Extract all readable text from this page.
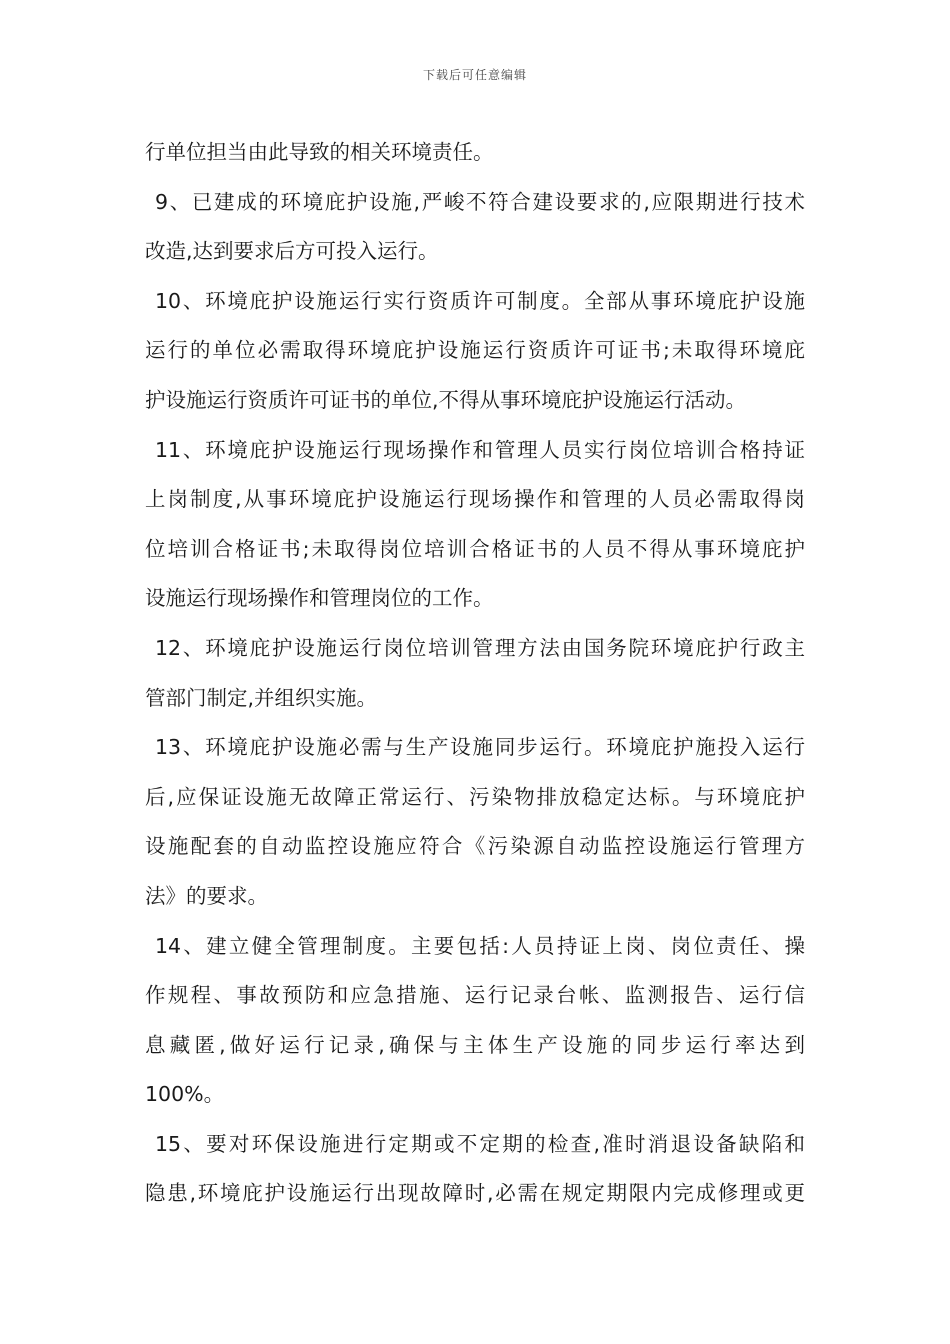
下载后可任意编辑
行单位担当由此导致的相关环境责任。
9、已建成的环境庇护设施,严峻不符合建设要求的,应限期进行技术
改造,达到要求后方可投入运行。
10、环境庇护设施运行实行资质许可制度。全部从事环境庇护设施
运行的单位必需取得环境庇护设施运行资质许可证书;未取得环境庇
护设施运行资质许可证书的单位,不得从事环境庇护设施运行活动。
11、环境庇护设施运行现场操作和管理人员实行岗位培训合格持证
上岗制度,从事环境庇护设施运行现场操作和管理的人员必需取得岗
位培训合格证书;未取得岗位培训合格证书的人员不得从事环境庇护
设施运行现场操作和管理岗位的工作。
12、环境庇护设施运行岗位培训管理方法由国务院环境庇护行政主
管部门制定,并组织实施。
13、环境庇护设施必需与生产设施同步运行。环境庇护施投入运行
后,应保证设施无故障正常运行、污染物排放稳定达标。与环境庇护
设施配套的自动监控设施应符合《污染源自动监控设施运行管理方
法》的要求。
14、建立健全管理制度。主要包括:人员持证上岗、岗位责任、操
作规程、事故预防和应急措施、运行记录台帐、监测报告、运行信
息藏匿,做好运行记录,确保与主体生产设施的同步运行率达到
100%。
15、要对环保设施进行定期或不定期的检查,准时消退设备缺陷和
隐患,环境庇护设施运行出现故障时,必需在规定期限内完成修理或更
